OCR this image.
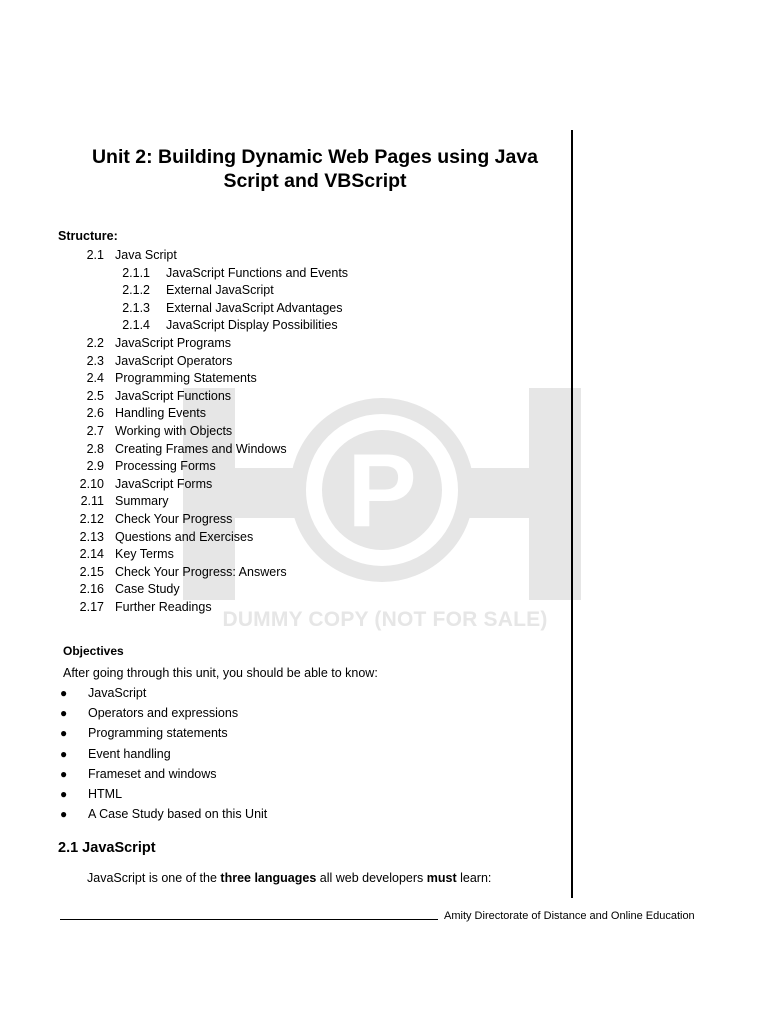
P
DUMMY COPY (NOT FOR SALE)
Unit 2: Building Dynamic Web Pages using Java Script and VBScript
Structure:
2.1 Java Script
2.1.1 JavaScript Functions and Events
2.1.2 External JavaScript
2.1.3 External JavaScript Advantages
2.1.4 JavaScript Display Possibilities
2.2 JavaScript Programs
2.3 JavaScript Operators
2.4 Programming Statements
2.5 JavaScript Functions
2.6 Handling Events
2.7 Working with Objects
2.8 Creating Frames and Windows
2.9 Processing Forms
2.10 JavaScript Forms
2.11 Summary
2.12 Check Your Progress
2.13 Questions and Exercises
2.14 Key Terms
2.15 Check Your Progress: Answers
2.16 Case Study
2.17 Further Readings
Objectives
After going through this unit, you should be able to know:
● JavaScript
● Operators and expressions
● Programming statements
● Event handling
● Frameset and windows
● HTML
● A Case Study based on this Unit
2.1 JavaScript
JavaScript is one of the three languages all web developers must learn:
Amity Directorate of Distance and Online Education
